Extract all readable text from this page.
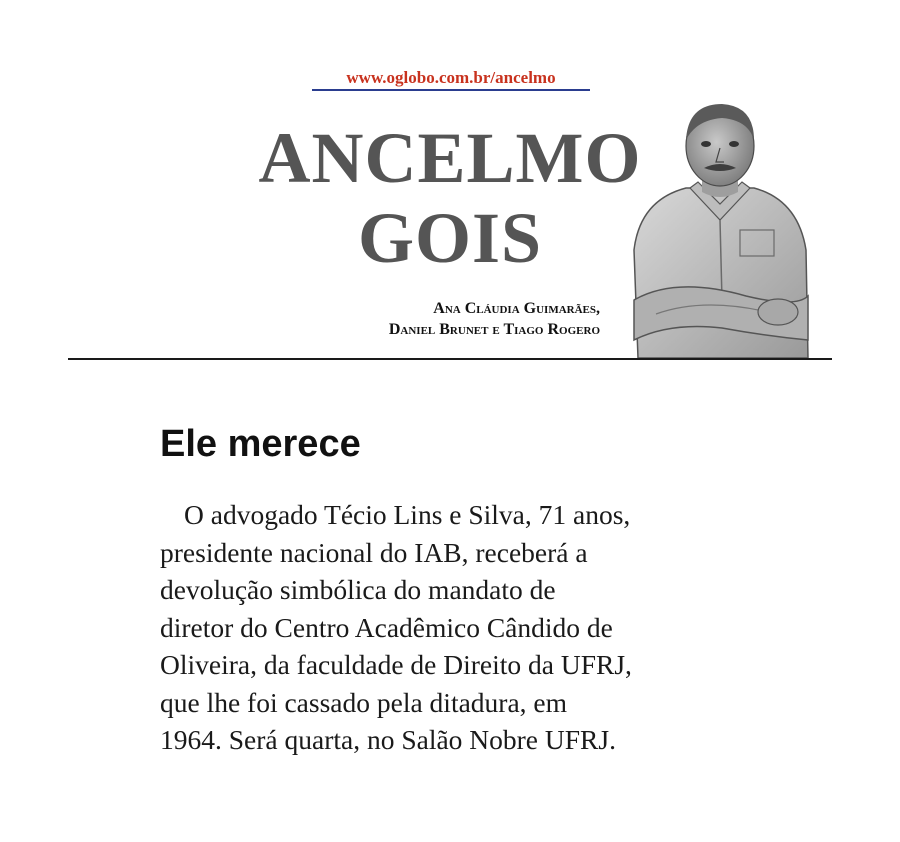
www.oglobo.com.br/ancelmo
ANCELMO
GOIS
Ana Cláudia Guimarães,
Daniel Brunet e Tiago Rogero
Ele merece
O advogado Técio Lins e Silva, 71 anos,
presidente nacional do IAB, receberá a
devolução simbólica do mandato de
diretor do Centro Acadêmico Cândido de
Oliveira, da faculdade de Direito da UFRJ,
que lhe foi cassado pela ditadura, em
1964. Será quarta, no Salão Nobre UFRJ.
